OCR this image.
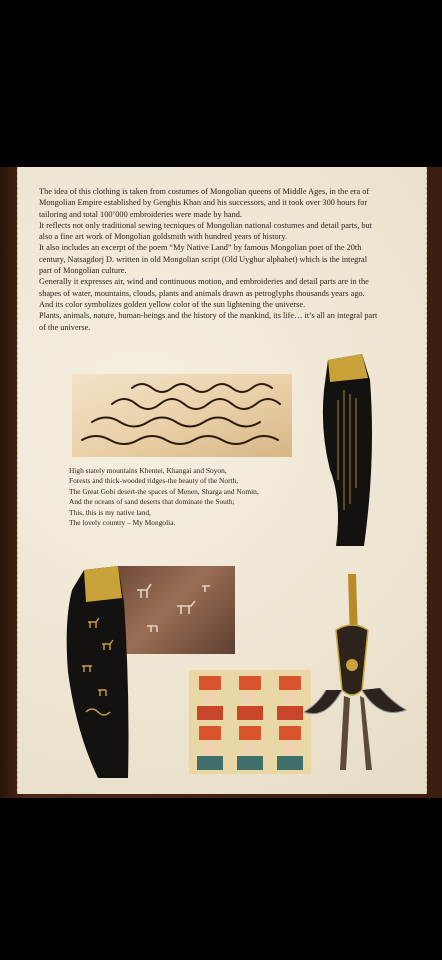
The idea of this clothing is taken from costumes of Mongolian queens of Middle Ages, in the era of

Mongolian Empire established by Genghis Khan and his successors, and it took over 300 hours for

tailoring and total 100’000 embroideries were made by hand.

It reflects not only traditional sewing tecniques of Mongolian national costumes and detail parts, but

also a fine art work of Mongolian goldsmith with hundred years of history.

It also includes an excerpt of the poem “My Native Land” by famous Mongolian poet of the 20th

century, Natsagdorj D. written in old Mongolian script (Old Uyghur alphabet) which is the integral

part of Mongolian culture.

Generally it expresses air, wind and continuous motion, and embroideries and detail parts are in the

shapes of water, mountains, clouds, plants and animals drawn as petroglyphs thousands years ago.

And its color symbolizes golden yellow color of the sun lightening the universe.

Plants, animals, nature, human-beings and the history of the mankind, its life… it’s all an integral part

of the universe.

High stately mountains Khentei, Khangai and Soyon,
Forests and thick-wooded ridges-the beauty of the North,
The Great Gobi desert-the spaces of Menen, Sharga and Nomin,
And the oceans of sand deserts that dominate the South;
This, this is my native land,
The lovely country – My Mongolia.
